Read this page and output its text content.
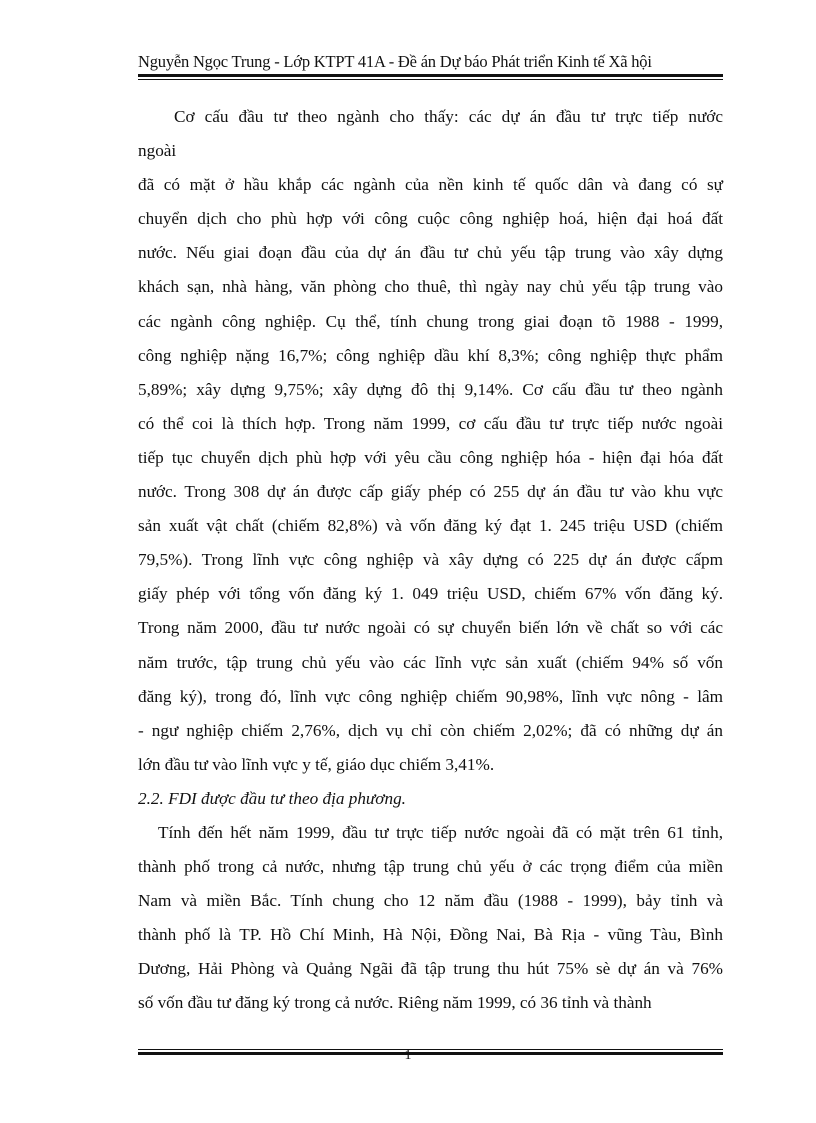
Nguyễn Ngọc Trung - Lớp KTPT 41A - Đề án Dự báo Phát triển Kinh tế Xã hội
Cơ cấu đầu tư theo ngành cho thấy: các dự án đầu tư trực tiếp nước
ngoài
đã có mặt ở hầu khắp các ngành của nền kinh tế quốc dân và đang có sự
chuyển dịch cho phù hợp với công cuộc công nghiệp hoá, hiện đại hoá đất
nước. Nếu giai đoạn đầu của dự án đầu tư chủ yếu tập trung vào xây dựng
khách sạn, nhà hàng, văn phòng cho thuê, thì ngày nay chủ yếu tập trung vào
các ngành công nghiệp. Cụ thể, tính chung trong giai đoạn tõ 1988 - 1999,
công nghiệp nặng 16,7%; công nghiệp dầu khí 8,3%; công nghiệp thực phẩm
5,89%; xây dựng 9,75%; xây dựng đô thị 9,14%. Cơ cấu đầu tư theo ngành
có thể coi là thích hợp. Trong năm 1999, cơ cấu đầu tư trực tiếp nước ngoài
tiếp tục chuyển dịch phù hợp với yêu cầu công nghiệp hóa - hiện đại hóa đất
nước. Trong 308 dự án được cấp giấy phép có 255 dự án đầu tư vào khu vực
sản xuất vật chất (chiếm 82,8%) và vốn đăng ký đạt 1. 245 triệu USD (chiếm
79,5%). Trong lĩnh vực công nghiệp và xây dựng có 225 dự án được cấpm
giấy phép với tổng vốn đăng ký 1. 049 triệu USD, chiếm 67% vốn đăng ký.
Trong năm 2000, đầu tư nước ngoài có sự chuyển biến lớn về chất so với các
năm trước, tập trung chủ yếu vào các lĩnh vực sản xuất (chiếm 94% số vốn
đăng ký), trong đó, lĩnh vực công nghiệp chiếm 90,98%, lĩnh vực nông - lâm
- ngư nghiệp chiếm 2,76%, dịch vụ chỉ còn chiếm 2,02%; đã có những dự án
lớn đầu tư vào lĩnh vực y tế, giáo dục chiếm 3,41%.
2.2. FDI được đầu tư theo địa phương.
Tính đến hết năm 1999, đầu tư trực tiếp nước ngoài đã có mặt trên 61 tỉnh,
thành phố trong cả nước, nhưng tập trung chủ yếu ở các trọng điểm của miền
Nam và miền Bắc. Tính chung cho 12 năm đầu (1988 - 1999), bảy tỉnh và
thành phố là TP. Hồ Chí Minh, Hà Nội, Đồng Nai, Bà Rịa - vũng Tàu, Bình
Dương, Hải Phòng và Quảng Ngãi đã tập trung thu hút 75% sè dự án và 76%
số vốn đầu tư đăng ký trong cả nước. Riêng năm 1999, có 36 tỉnh và thành
1
